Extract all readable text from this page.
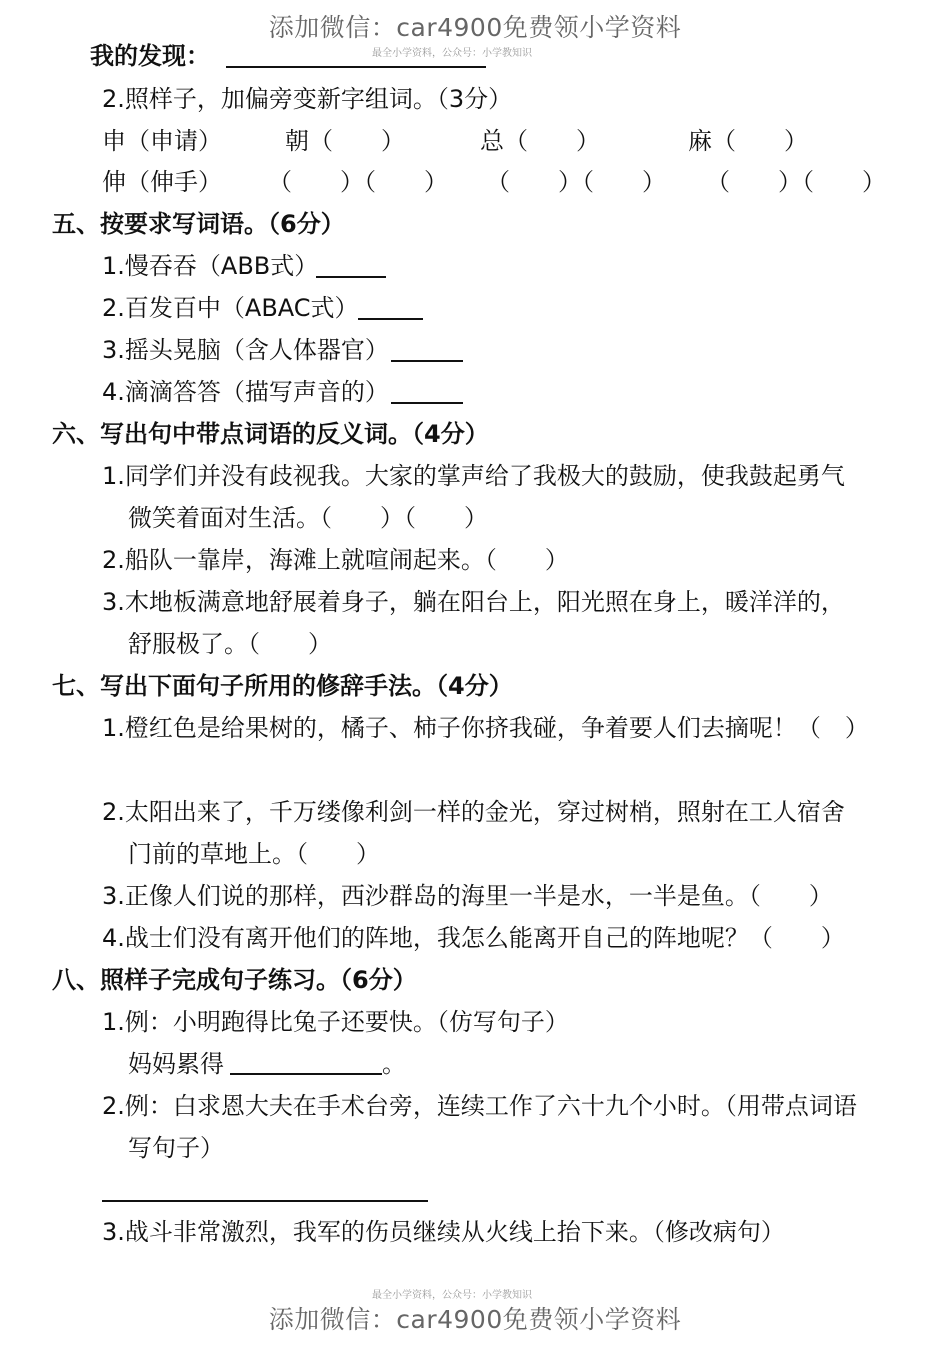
添加微信：car4900免费领小学资料
最全小学资料，公众号：小学教知识
我的发现：
2.照样子，加偏旁变新字组词。（3分）
申（申请）	朝（　　）	总（　　）	麻（　　）
伸（伸手） （　　）（　　） （　　）（　　） （　　）（　　）
五、按要求写词语。（6分）
1.慢吞吞（ABB式）
2.百发百中（ABAC式）
3.摇头晃脑（含人体器官）
4.滴滴答答（描写声音的）
六、写出句中带点词语的反义词。（4分）
1.同学们并没有歧视我。大家的掌声给了我极大的鼓励，使我鼓起勇气
微笑着面对生活。（　　）（　　）
2.船队一靠岸，海滩上就喧闹起来。（　　）
3.木地板满意地舒展着身子，躺在阳台上，阳光照在身上，暖洋洋的，
舒服极了。（　　）
七、写出下面句子所用的修辞手法。（4分）
1.橙红色是给果树的，橘子、柿子你挤我碰，争着要人们去摘呢！（　）
2.太阳出来了，千万缕像利剑一样的金光，穿过树梢，照射在工人宿舍
门前的草地上。（　　）
3.正像人们说的那样，西沙群岛的海里一半是水，一半是鱼。（　　）
4.战士们没有离开他们的阵地，我怎么能离开自己的阵地呢？（　　）
八、照样子完成句子练习。（6分）
1.例：小明跑得比兔子还要快。（仿写句子）
妈妈累得	。
2.例：白求恩大夫在手术台旁，连续工作了六十九个小时。（用带点词语
写句子）
3.战斗非常激烈，我军的伤员继续从火线上抬下来。（修改病句）
最全小学资料，公众号：小学教知识
添加微信：car4900免费领小学资料
